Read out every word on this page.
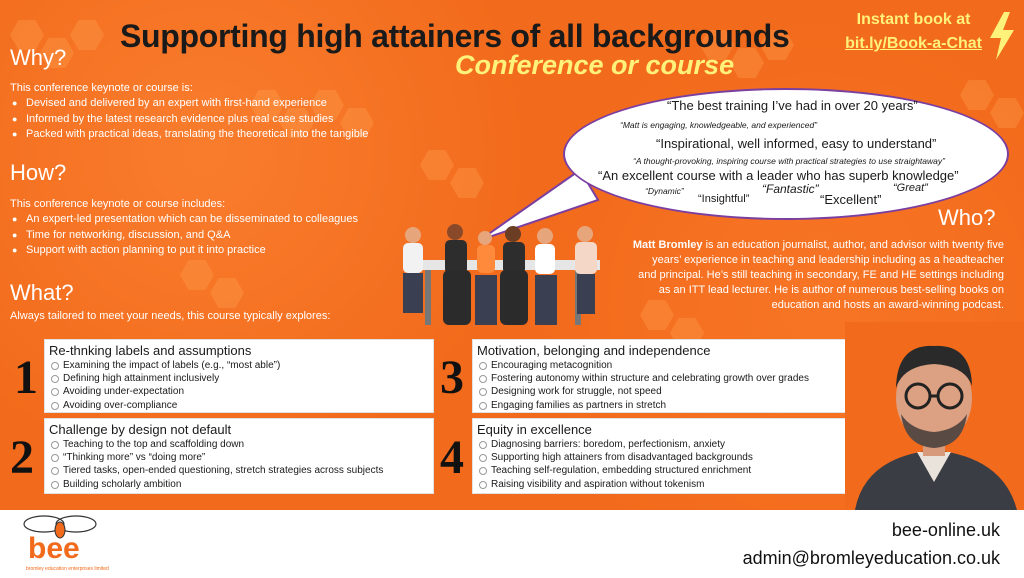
Supporting high attainers of all backgrounds
Conference or course
Instant book at
bit.ly/Book-a-Chat
Why?
This conference keynote or course is:
● Devised and delivered by an expert with first-hand experience
● Informed by the latest research evidence plus real case studies
● Packed with practical ideas, translating the theoretical into the tangible
How?
This conference keynote or course includes:
● An expert-led presentation which can be disseminated to colleagues
● Time for networking, discussion, and Q&A
● Support with action planning to put it into practice
What?
Always tailored to meet your needs, this course typically explores:
“The best training I’ve had in over 20 years”
“Matt is engaging, knowledgeable, and experienced”
“Inspirational, well informed, easy to understand”
“A thought-provoking, inspiring course with practical strategies to use straightaway”
“An excellent course with a leader who has superb knowledge”
“Dynamic”
“Insightful”
“Fantastic”
“Excellent”
“Great”
Who?
Matt Bromley is an education journalist, author, and advisor with twenty five years’ experience in teaching and leadership including as a headteacher and principal. He’s still teaching in secondary, FE and HE settings including as an ITT lead lecturer. He is author of numerous best-selling books on education and hosts an award-winning podcast.
1
Re-thnking labels and assumptions
Examining the impact of labels (e.g., “most able”)
Defining high attainment inclusively
Avoiding under-expectation
Avoiding over-compliance
2
Challenge by design not default
Teaching to the top and scaffolding down
“Thinking more” vs “doing more”
Tiered tasks, open-ended questioning, stretch strategies across subjects
Building scholarly ambition
3
Motivation, belonging and independence
Encouraging metacognition
Fostering autonomy within structure and celebrating growth over grades
Designing work for struggle, not speed
Engaging families as partners in stretch
4
Equity in excellence
Diagnosing barriers: boredom, perfectionism, anxiety
Supporting high attainers from disadvantaged backgrounds
Teaching self-regulation, embedding structured enrichment
Raising visibility and aspiration without tokenism
bee
bromley education enterprises limited
bee-online.uk
admin@bromleyeducation.co.uk
